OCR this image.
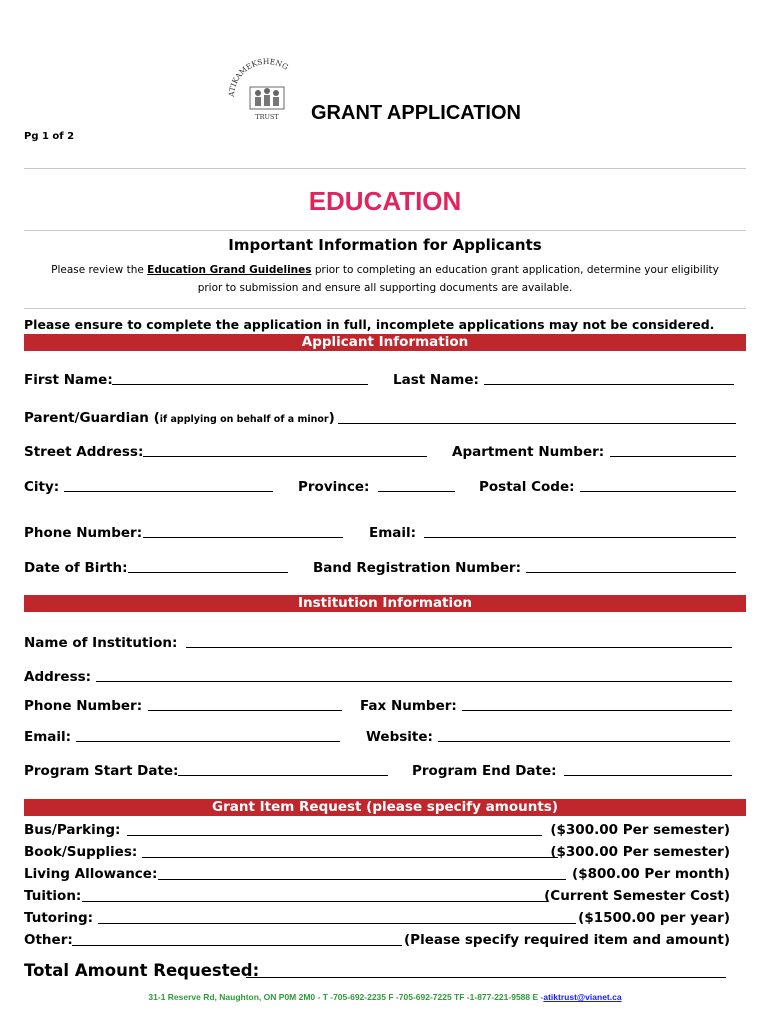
ATIKAMEKSHENG
TRUST GRANT APPLICATION
Pg 1 of 2
EDUCATION
Important Information for Applicants
Please review the Education Grand Guidelines prior to completing an education grant application, determine your eligibility
prior to submission and ensure all supporting documents are available.
Please ensure to complete the application in full, incomplete applications may not be considered.
Applicant Information
First Name:	Last Name:
Parent/Guardian (if applying on behalf of a minor)
Street Address:	Apartment Number:
City:	Province:	Postal Code:
Phone Number:	Email:
Date of Birth:	Band Registration Number:
Institution Information
Name of Institution:
Address:
Phone Number:	Fax Number:
Email:	Website:
Program Start Date:	Program End Date:
Grant Item Request (please specify amounts)
Bus/Parking:	($300.00 Per semester)
Book/Supplies:	($300.00 Per semester)
Living Allowance:	($800.00 Per month)
Tuition:	(Current Semester Cost)
Tutoring:	($1500.00 per year)
Other:	(Please specify required item and amount)
Total Amount Requested:
31-1 Reserve Rd, Naughton, ON P0M 2M0 - T -705-692-2235 F -705-692-7225 TF -1-877-221-9588 E -atiktrust@vianet.ca
